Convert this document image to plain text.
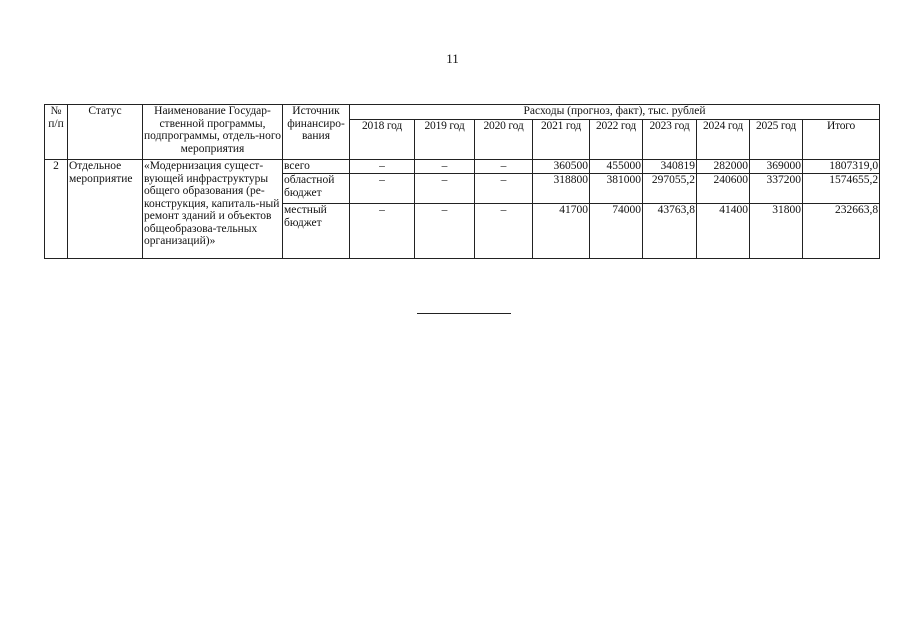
11
№ п/п	Статус	Наименование Государ-ственной программы, подпрограммы, отдель-ного мероприятия	Источник финансиро-вания	Расходы (прогноз, факт), тыс. рублей								
				2018 год	2019 год	2020 год	2021 год	2022 год	2023 год	2024 год	2025 год	Итого
2	Отдельное мероприятие	«Модернизация сущест-вующей инфраструктуры общего образования (ре-конструкция, капиталь-ный ремонт зданий и объектов общеобразова-тельных организаций)»	всего	–	–	–	360500	455000	340819	282000	369000	1807319,0
			областной бюджет	–	–	–	318800	381000	297055,2	240600	337200	1574655,2
			местный бюджет	–	–	–	41700	74000	43763,8	41400	31800	232663,8
